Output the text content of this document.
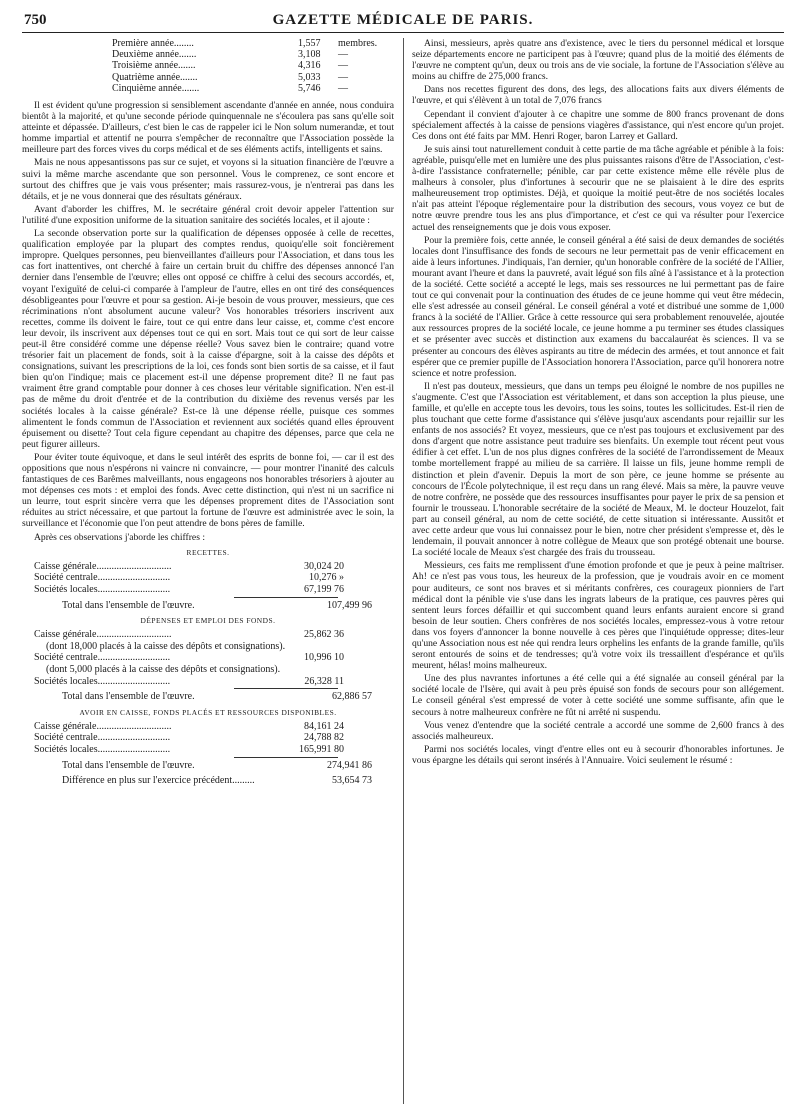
750	GAZETTE MÉDICALE DE PARIS.
Première année........	1,557	membres.
Deuxième année.......	3,108	—
Troisième année.......	4,316	—
Quatrième année.......	5,033	—
Cinquième année.......	5,746	—

Il est évident qu'une progression si sensiblement ascendante d'année en année, nous conduira bientôt à la majorité, et qu'une seconde période quinquennale ne s'écoulera pas sans qu'elle soit atteinte et dépassée. D'ailleurs, c'est bien le cas de rappeler ici le Non solum numerandæ, et tout homme impartial et attentif ne pourra s'empêcher de reconnaître que l'Association possède la meilleure part des forces vives du corps médical et de ses éléments actifs, intelligents et sains.

Mais ne nous appesantissons pas sur ce sujet, et voyons si la situation financière de l'œuvre a suivi la même marche ascendante que son personnel. Vous le comprenez, ce sont encore et surtout des chiffres que je vais vous présenter; mais rassurez-vous, je n'entrerai pas dans les détails, et je ne vous donnerai que des résultats généraux.

Avant d'aborder les chiffres, M. le secrétaire général croit devoir appeler l'attention sur l'utilité d'une exposition uniforme de la situation sanitaire des sociétés locales, et il ajoute :

La seconde observation porte sur la qualification de dépenses opposée à celle de recettes, qualification employée par la plupart des comptes rendus, quoiqu'elle soit foncièrement impropre. Quelques personnes, peu bienveillantes d'ailleurs pour l'Association, et dans tous les cas fort inattentives, ont cherché à faire un certain bruit du chiffre des dépenses annoncé l'an dernier dans l'ensemble de l'œuvre; elles ont opposé ce chiffre à celui des secours accordés, et, voyant l'exiguïté de celui-ci comparée à l'ampleur de l'autre, elles en ont tiré des conséquences désobligeantes pour l'œuvre et pour sa gestion. Ai-je besoin de vous prouver, messieurs, que ces récriminations n'ont absolument aucune valeur? Vos honorables trésoriers inscrivent aux recettes, comme ils doivent le faire, tout ce qui entre dans leur caisse, et, comme c'est encore leur devoir, ils inscrivent aux dépenses tout ce qui en sort. Mais tout ce qui sort de leur caisse peut-il être considéré comme une dépense réelle? Vous savez bien le contraire; quand votre trésorier fait un placement de fonds, soit à la caisse d'épargne, soit à la caisse des dépôts et consignations, suivant les prescriptions de la loi, ces fonds sont bien sortis de sa caisse, et il faut bien qu'on l'indique; mais ce placement est-il une dépense proprement dite? Il ne faut pas vraiment être grand comptable pour donner à ces choses leur véritable signification. N'en est-il pas de même du droit d'entrée et de la contribution du dixième des revenus versés par les sociétés locales à la caisse générale? Est-ce là une dépense réelle, puisque ces sommes alimentent le fonds commun de l'Association et reviennent aux sociétés quand elles éprouvent épuisement ou disette? Tout cela figure cependant au chapitre des dépenses, parce que cela ne peut figurer ailleurs.

Pour éviter toute équivoque, et dans le seul intérêt des esprits de bonne foi, — car il est des oppositions que nous n'espérons ni vaincre ni convaincre, — pour montrer l'inanité des calculs fantastiques de ces Barêmes malveillants, nous engageons nos honorables trésoriers à ajouter au mot dépenses ces mots : et emploi des fonds. Avec cette distinction, qui n'est ni un sacrifice ni un leurre, tout esprit sincère verra que les dépenses proprement dites de l'Association sont réduites au strict nécessaire, et que partout la fortune de l'œuvre est administrée avec le soin, la surveillance et l'économie que l'on peut attendre de bons pères de famille.

Après ces observations j'aborde les chiffres :

RECETTES.
Caisse générale..............................	30,024 20
Société centrale.............................	10,276 »
Sociétés locales.............................	67,199 76
Total dans l'ensemble de l'œuvre.	107,499 96
DÉPENSES ET EMPLOI DES FONDS.
Caisse générale..............................	25,862 36
(dont 18,000 placés à la caisse des dépôts et consignations).
Société centrale.............................	10,996 10
(dont 5,000 placés à la caisse des dépôts et consignations).
Sociétés locales.............................	26,328 11
Total dans l'ensemble de l'œuvre.	62,886 57
AVOIR EN CAISSE, FONDS PLACÉS ET RESSOURCES DISPONIBLES.
Caisse générale..............................	84,161 24
Société centrale.............................	24,788 82
Sociétés locales.............................	165,991 80
Total dans l'ensemble de l'œuvre.	274,941 86
Différence en plus sur l'exercice précédent.........	53,654 73

Ainsi, messieurs, après quatre ans d'existence, avec le tiers du personnel médical et lorsque seize départements encore ne participent pas à l'œuvre; quand plus de la moitié des éléments de l'œuvre ne comptent qu'un, deux ou trois ans de vie sociale, la fortune de l'Association s'élève au moins au chiffre de 275,000 francs.

Dans nos recettes figurent des dons, des legs, des allocations faits aux divers éléments de l'œuvre, et qui s'élèvent à un total de 7,076 francs

Cependant il convient d'ajouter à ce chapitre une somme de 800 francs provenant de dons spécialement affectés à la caisse de pensions viagères d'assistance, qui n'est encore qu'un projet. Ces dons ont été faits par MM. Henri Roger, baron Larrey et Gallard.

Je suis ainsi tout naturellement conduit à cette partie de ma tâche agréable et pénible à la fois: agréable, puisqu'elle met en lumière une des plus puissantes raisons d'être de l'Association, c'est-à-dire l'assistance confraternelle; pénible, car par cette existence même elle révèle plus de malheurs à consoler, plus d'infortunes à secourir que ne se plaisaient à le dire des esprits malheureusement trop optimistes. Déjà, et quoique la moitié peut-être de nos sociétés locales n'ait pas atteint l'époque réglementaire pour la distribution des secours, vous voyez ce but de notre œuvre prendre tous les ans plus d'importance, et c'est ce qui va résulter pour l'exercice actuel des renseignements que je dois vous exposer.

Pour la première fois, cette année, le conseil général a été saisi de deux demandes de sociétés locales dont l'insuffisance des fonds de secours ne leur permettait pas de venir efficacement en aide à leurs infortunes. J'indiquais, l'an dernier, qu'un honorable confrère de la société de l'Allier, mourant avant l'heure et dans la pauvreté, avait légué son fils aîné à l'assistance et à la protection de la société. Cette société a accepté le legs, mais ses ressources ne lui permettant pas de faire tout ce qui convenait pour la continuation des études de ce jeune homme qui veut être médecin, elle s'est adressée au conseil général. Le conseil général a voté et distribué une somme de 1,000 francs à la société de l'Allier. Grâce à cette ressource qui sera probablement renouvelée, ajoutée aux ressources propres de la société locale, ce jeune homme a pu terminer ses études classiques et se présenter avec succès et distinction aux examens du baccalauréat ès sciences. Il va se présenter au concours des élèves aspirants au titre de médecin des armées, et tout annonce et fait espérer que ce premier pupille de l'Association honorera l'Association, parce qu'il honorera notre science et notre profession.

Il n'est pas douteux, messieurs, que dans un temps peu éloigné le nombre de nos pupilles ne s'augmente. C'est que l'Association est véritablement, et dans son acception la plus pieuse, une famille, et qu'elle en accepte tous les devoirs, tous les soins, toutes les sollicitudes. Est-il rien de plus touchant que cette forme d'assistance qui s'élève jusqu'aux ascendants pour rejaillir sur les enfants de nos associés? Et voyez, messieurs, que ce n'est pas toujours et exclusivement par des dons d'argent que notre assistance peut traduire ses bienfaits. Un exemple tout récent peut vous édifier à cet effet. L'un de nos plus dignes confrères de la société de l'arrondissement de Meaux tombe mortellement frappé au milieu de sa carrière. Il laisse un fils, jeune homme rempli de distinction et plein d'avenir. Depuis la mort de son père, ce jeune homme se présente au concours de l'École polytechnique, il est reçu dans un rang élevé. Mais sa mère, la pauvre veuve de notre confrère, ne possède que des ressources insuffisantes pour payer le prix de sa pension et fournir le trousseau. L'honorable secrétaire de la société de Meaux, M. le docteur Houzelot, fait part au conseil général, au nom de cette société, de cette situation si intéressante. Aussitôt et avec cette ardeur que vous lui connaissez pour le bien, notre cher président s'empresse et, dès le lendemain, il pouvait annoncer à notre collègue de Meaux que son protégé obtenait une bourse. La société locale de Meaux s'est chargée des frais du trousseau.

Messieurs, ces faits me remplissent d'une émotion profonde et que je peux à peine maîtriser. Ah! ce n'est pas vous tous, les heureux de la profession, que je voudrais avoir en ce moment pour auditeurs, ce sont nos braves et si méritants confrères, ces courageux pionniers de l'art médical dont la pénible vie s'use dans les ingrats labeurs de la pratique, ces pauvres pères qui sentent leurs forces défaillir et qui succombent quand leurs enfants auraient encore si grand besoin de leur soutien. Chers confrères de nos sociétés locales, empressez-vous à votre retour dans vos foyers d'annoncer la bonne nouvelle à ces pères que l'inquiétude oppresse; dites-leur qu'une Association nous est née qui rendra leurs orphelins les enfants de la grande famille, qu'ils seront entourés de soins et de tendresses; qu'à votre voix ils tressaillent d'espérance et qu'ils meurent, hélas! moins malheureux.

Une des plus navrantes infortunes a été celle qui a été signalée au conseil général par la société locale de l'Isère, qui avait à peu près épuisé son fonds de secours pour son allégement. Le conseil général s'est empressé de voter à cette société une somme suffisante, afin que le secours à notre malheureux confrère ne fût ni arrêté ni suspendu.

Vous venez d'entendre que la société centrale a accordé une somme de 2,600 francs à des associés malheureux.

Parmi nos sociétés locales, vingt d'entre elles ont eu à secourir d'honorables infortunes. Je vous épargne les détails qui seront insérés à l'Annuaire. Voici seulement le résumé :
